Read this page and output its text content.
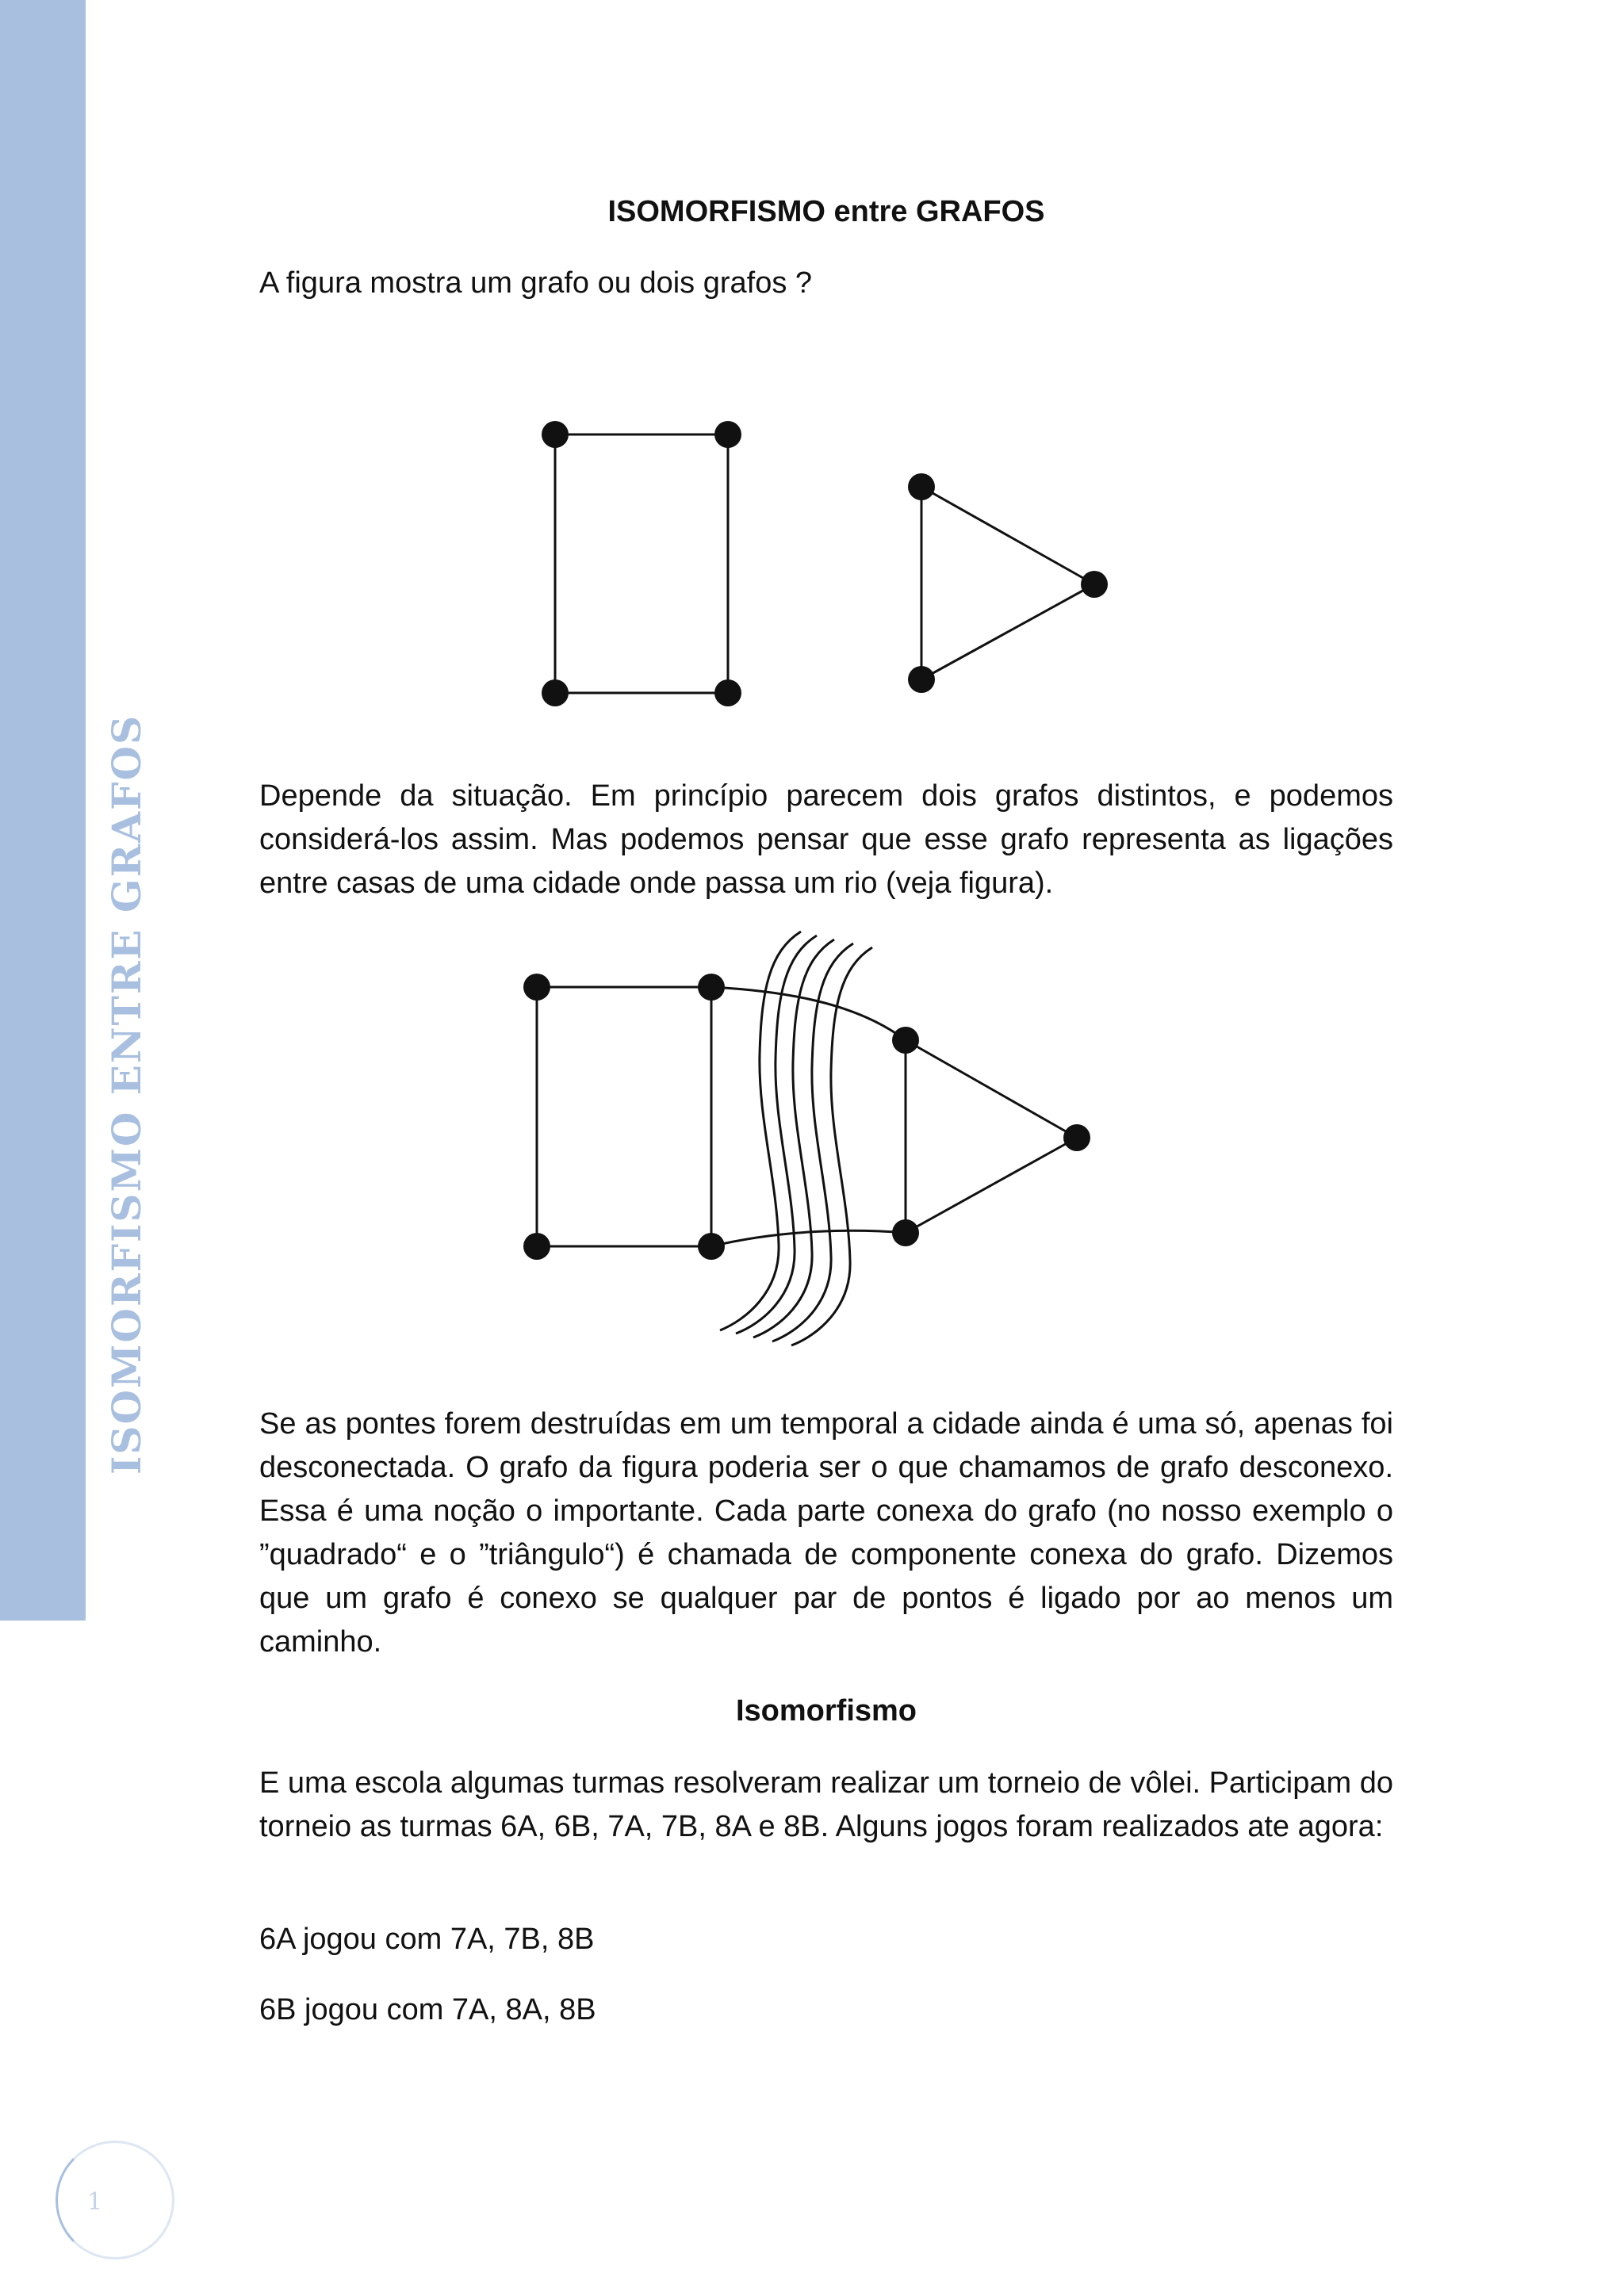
ISOMORFISMO ENTRE GRAFOS
ISOMORFISMO entre GRAFOS
A figura mostra um grafo ou dois grafos ?
Depende da situação. Em princípio parecem dois grafos distintos, e podemos considerá-los assim. Mas podemos pensar que esse grafo representa as ligações entre casas de uma cidade onde passa um rio (veja figura).
Se as pontes forem destruídas em um temporal a cidade ainda é uma só, apenas foi desconectada. O grafo da figura poderia ser o que chamamos de grafo desconexo. Essa é uma noção o importante. Cada parte conexa do grafo (no nosso exemplo o ”quadrado“ e o ”triângulo“) é chamada de componente conexa do grafo. Dizemos que um grafo é conexo se qualquer par de pontos é ligado por ao menos um caminho.
Isomorfismo
E uma escola algumas turmas resolveram realizar um torneio de vôlei. Participam do torneio as turmas 6A, 6B, 7A, 7B, 8A e 8B. Alguns jogos foram realizados ate agora:
6A jogou com 7A, 7B, 8B
6B jogou com 7A, 8A, 8B
1
